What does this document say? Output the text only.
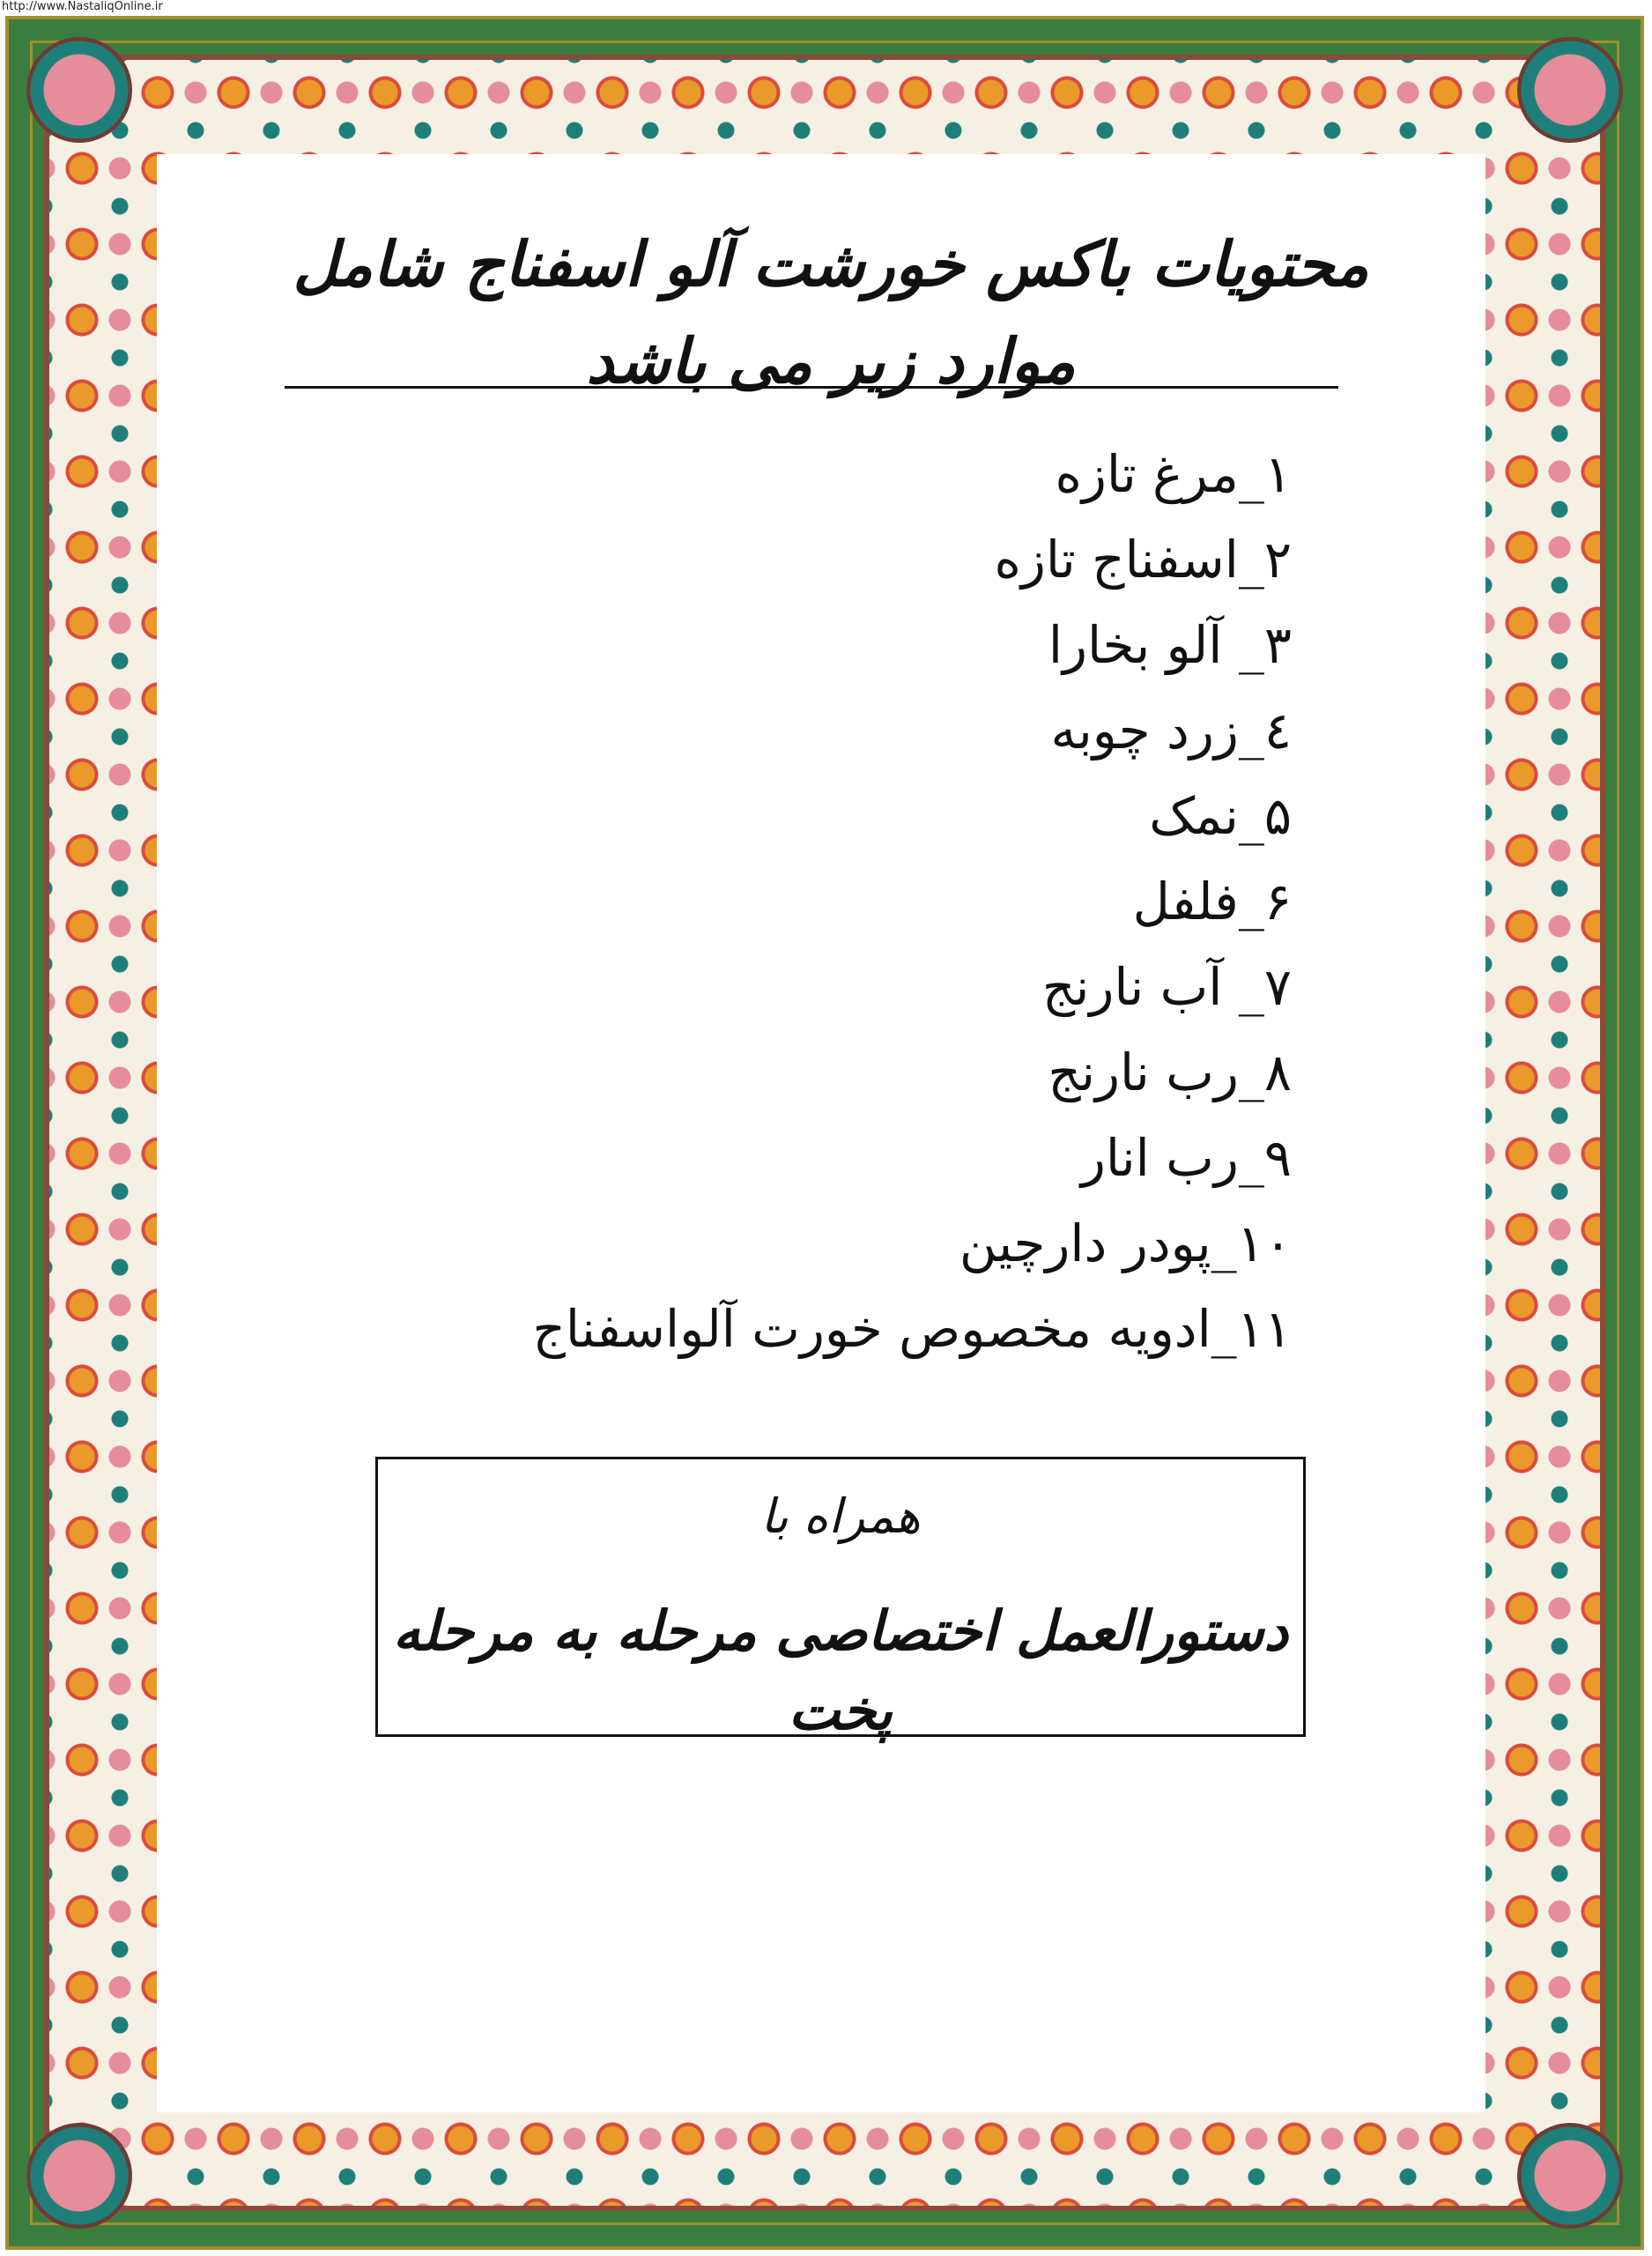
http://www.NastaliqOnline.ir
محتویات باکس خورشت آلو اسفناج شامل موارد زیر می باشد
۱_مرغ تازه
۲_اسفناج تازه
۳_ آلو بخارا
٤_زرد چوبه
۵_نمک
۶_فلفل
۷_ آب نارنج
۸_رب نارنج
۹_رب انار
۱۰_پودر دارچین
۱۱_ادویه مخصوص خورت آلواسفناج
همراه با
دستورالعمل اختصاصی مرحله به مرحله پخت
